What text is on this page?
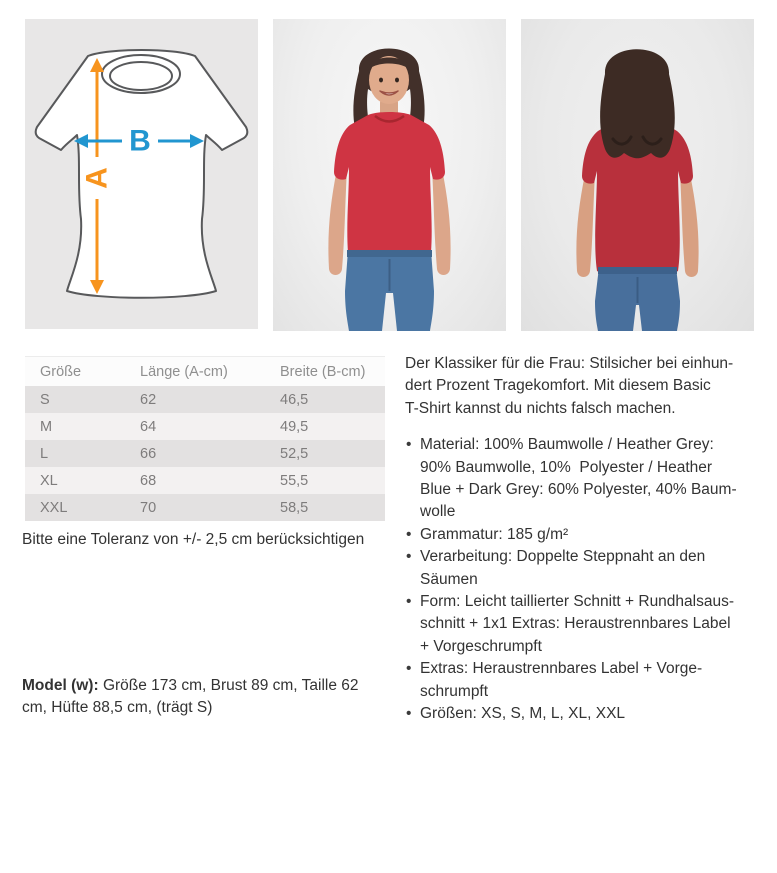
A
B
Größe	Länge (A-cm)	Breite (B-cm)
S	62	46,5
M	64	49,5
L	66	52,5
XL	68	55,5
XXL	70	58,5
Bitte eine Toleranz von +/- 2,5 cm berücksichtigen
Model (w): Größe 173 cm, Brust 89 cm, Taille 62
cm, Hüfte 88,5 cm, (trägt S)
Der Klassiker für die Frau: Stilsicher bei einhun-
dert Prozent Tragekomfort. Mit diesem Basic
T-Shirt kannst du nichts falsch machen.
• Material: 100% Baumwolle / Heather Grey:
90% Baumwolle, 10%  Polyester / Heather
Blue + Dark Grey: 60% Polyester, 40% Baum-
wolle
• Grammatur: 185 g/m²
• Verarbeitung: Doppelte Steppnaht an den
Säumen
• Form: Leicht taillierter Schnitt + Rundhalsaus-
schnitt + 1x1 Extras: Heraustrennbares Label
+ Vorgeschrumpft
• Extras: Heraustrennbares Label + Vorge-
schrumpft
• Größen: XS, S, M, L, XL, XXL
